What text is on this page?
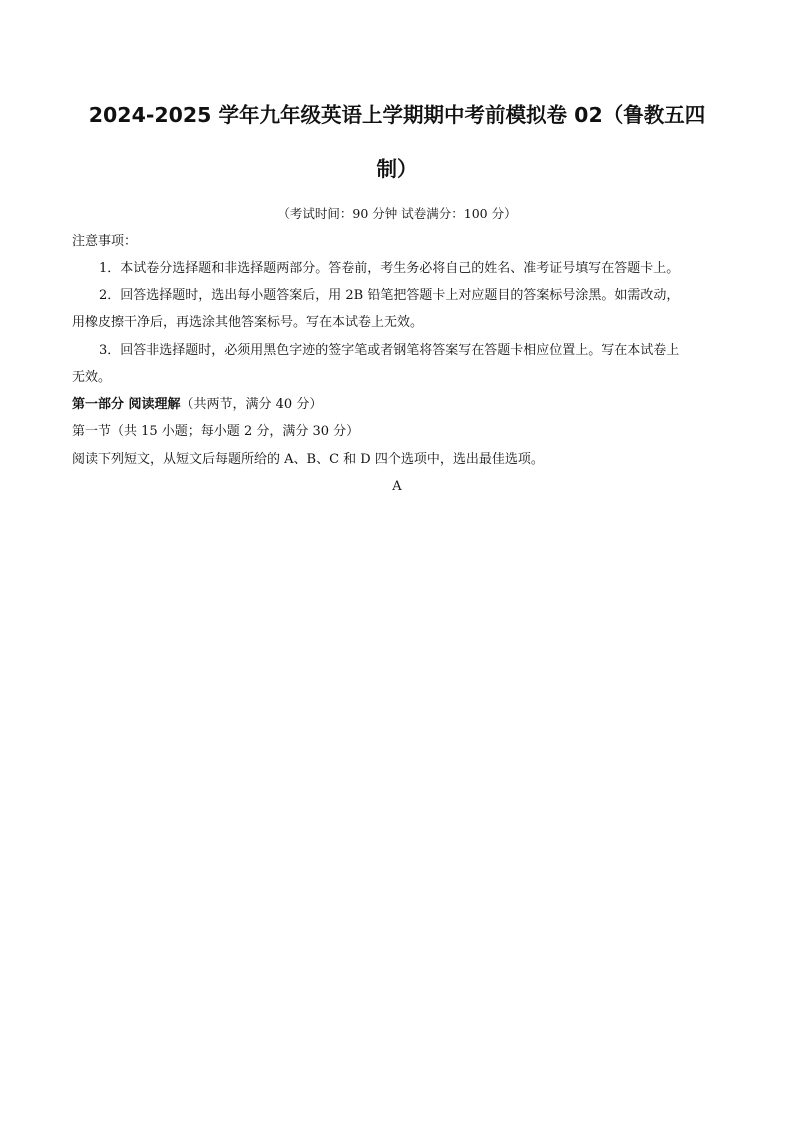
2024-2025 学年九年级英语上学期期中考前模拟卷 02（鲁教五四
制）
（考试时间：90 分钟 试卷满分：100 分）
注意事项：
1．本试卷分选择题和非选择题两部分。答卷前，考生务必将自己的姓名、准考证号填写在答题卡上。
2．回答选择题时，选出每小题答案后，用 2B 铅笔把答题卡上对应题目的答案标号涂黑。如需改动，
用橡皮擦干净后，再选涂其他答案标号。写在本试卷上无效。
3．回答非选择题时，必须用黑色字迹的签字笔或者钢笔将答案写在答题卡相应位置上。写在本试卷上
无效。
第一部分 阅读理解（共两节，满分 40 分）
第一节（共 15 小题；每小题 2 分，满分 30 分）
阅读下列短文，从短文后每题所给的 A、B、C 和 D 四个选项中，选出最佳选项。
A
